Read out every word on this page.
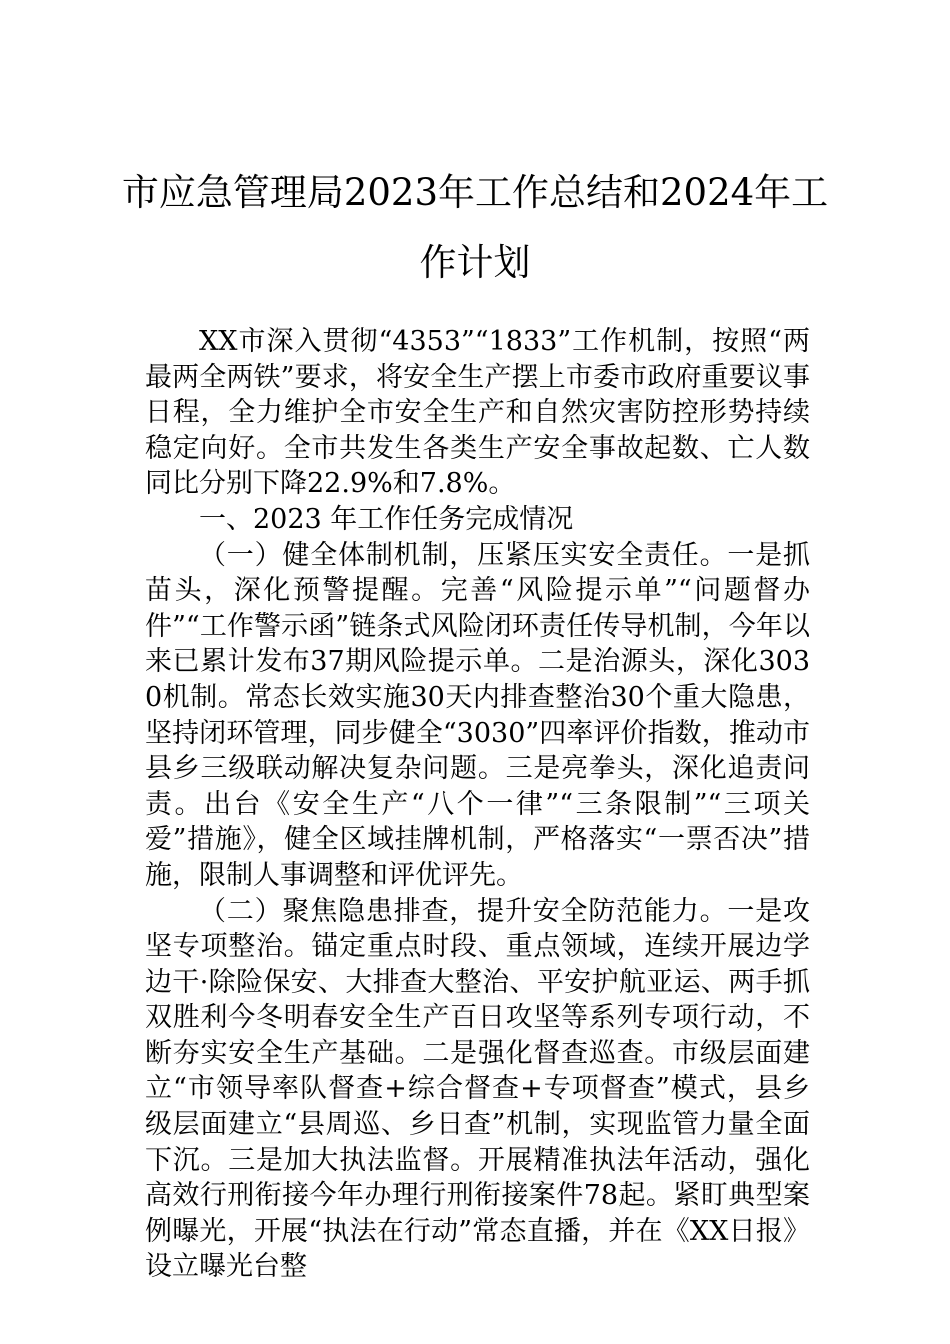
市应急管理局2023年工作总结和2024年工
作计划

XX市深入贯彻“4353”“1833”工作机制，按照“两最两全两铁”要求，将安全生产摆上市委市政府重要议事日程，全力维护全市安全生产和自然灾害防控形势持续稳定向好。全市共发生各类生产安全事故起数、亡人数同比分别下降22.9%和7.8%。

一、2023 年工作任务完成情况

（一）健全体制机制，压紧压实安全责任。一是抓苗头，深化预警提醒。完善“风险提示单”“问题督办件”“工作警示函”链条式风险闭环责任传导机制，今年以来已累计发布37期风险提示单。二是治源头，深化3030机制。常态长效实施30天内排查整治30个重大隐患，坚持闭环管理，同步健全“3030”四率评价指数，推动市县乡三级联动解决复杂问题。三是亮拳头，深化追责问责。出台《安全生产“八个一律”“三条限制”“三项关爱”措施》，健全区域挂牌机制，严格落实“一票否决”措施，限制人事调整和评优评先。

（二）聚焦隐患排查，提升安全防范能力。一是攻坚专项整治。锚定重点时段、重点领域，连续开展边学边干·除险保安、大排查大整治、平安护航亚运、两手抓双胜利今冬明春安全生产百日攻坚等系列专项行动，不断夯实安全生产基础。二是强化督查巡查。市级层面建立“市领导率队督查+综合督查+专项督查”模式，县乡级层面建立“县周巡、乡日查”机制，实现监管力量全面下沉。三是加大执法监督。开展精准执法年活动，强化高效行刑衔接今年办理行刑衔接案件78起。紧盯典型案例曝光，开展“执法在行动”常态直播，并在《XX日报》设立曝光台整
